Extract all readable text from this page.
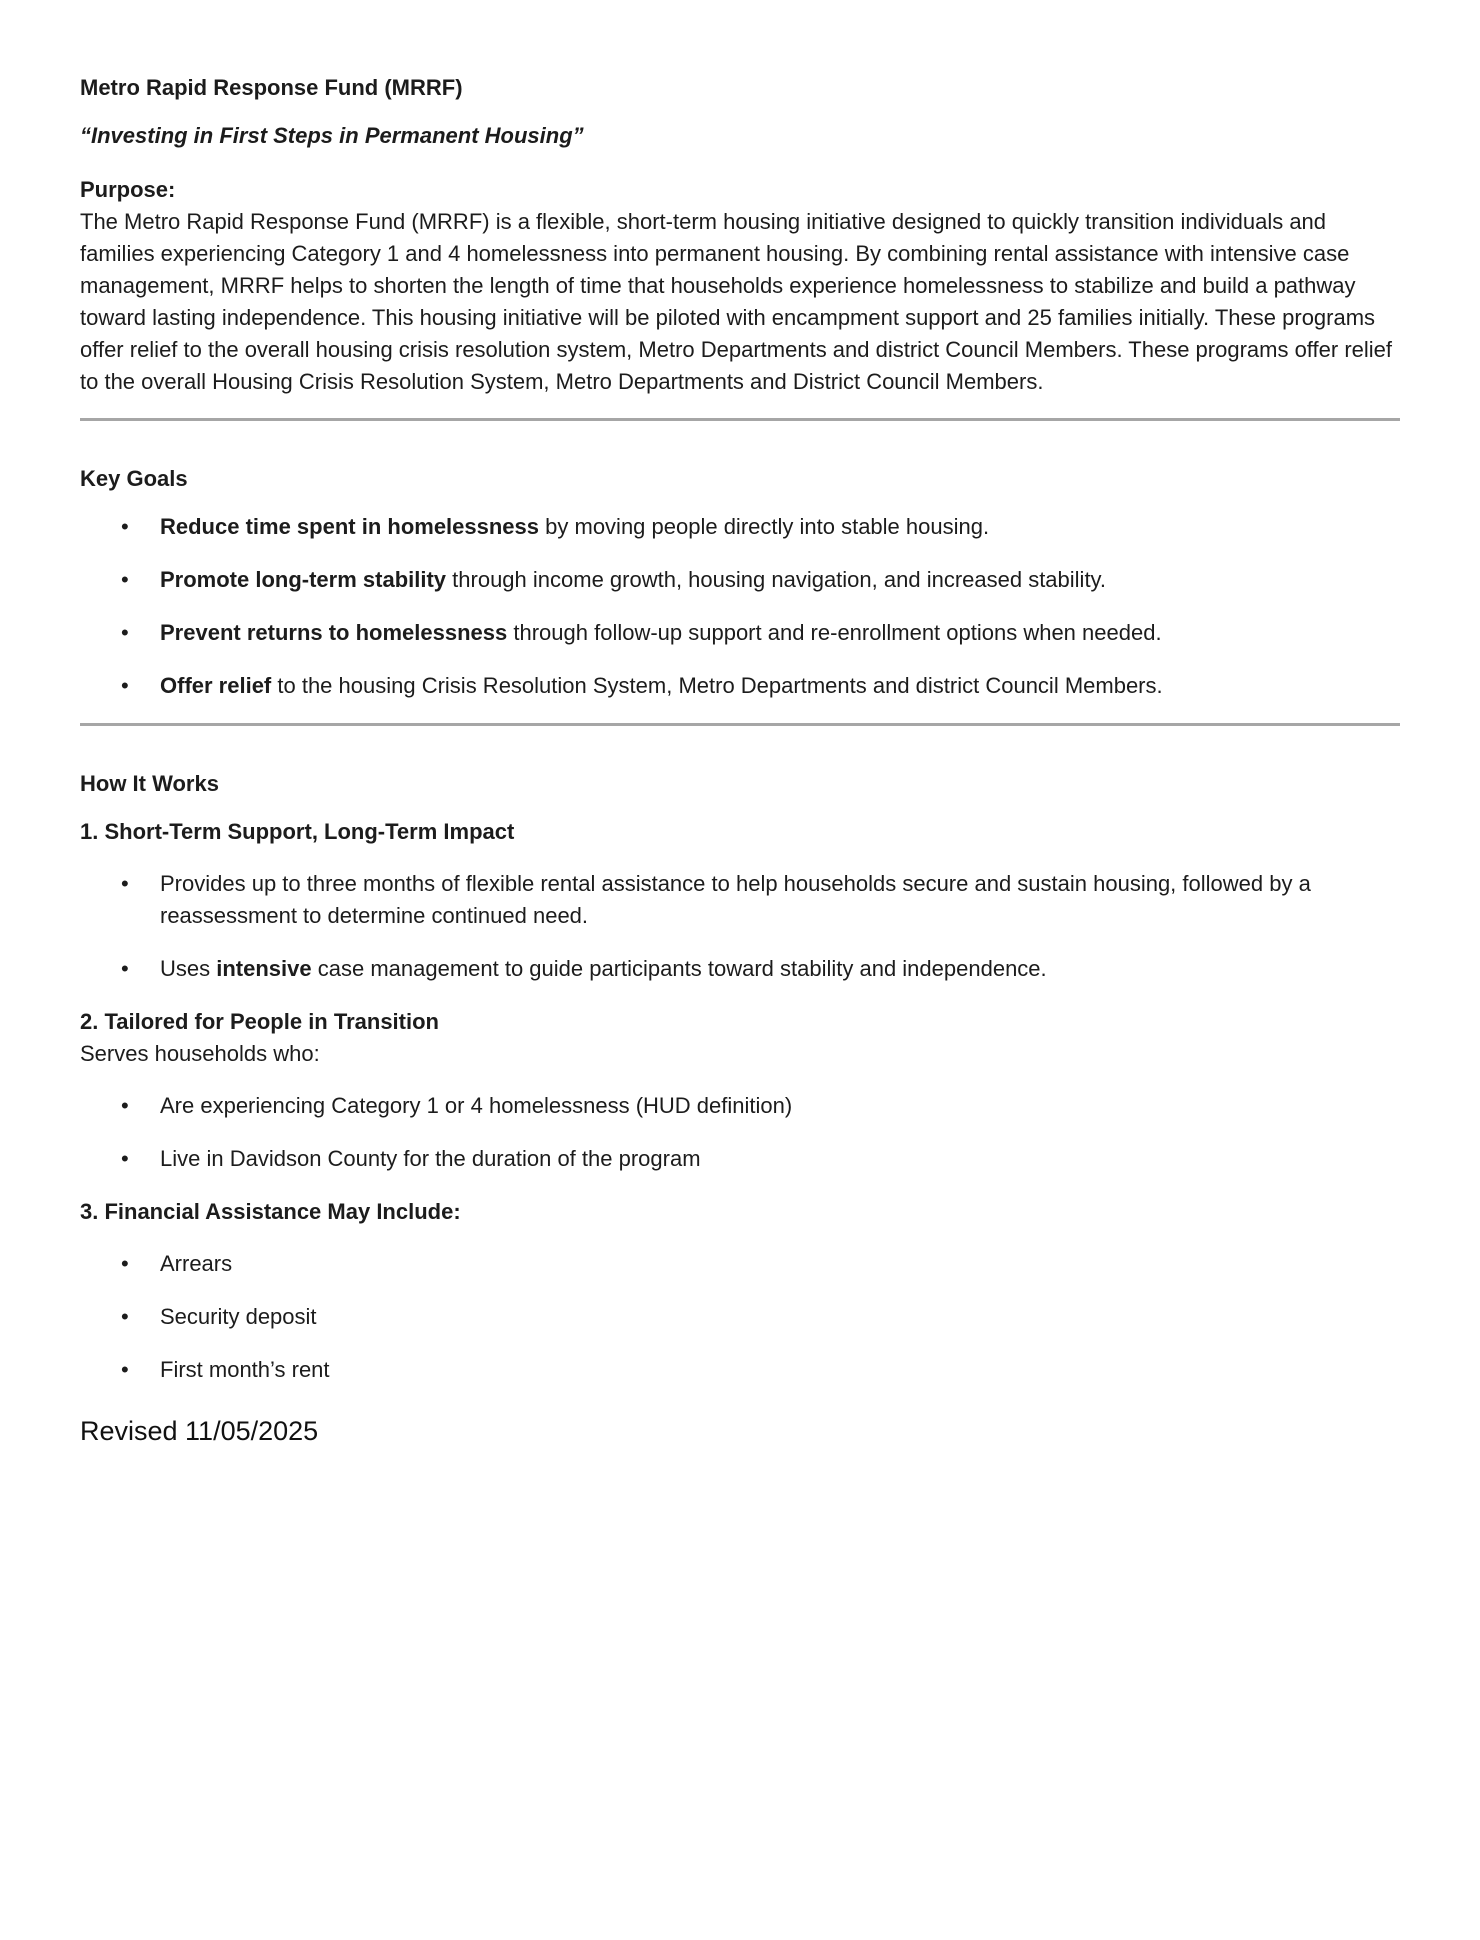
Metro Rapid Response Fund (MRRF)

“Investing in First Steps in Permanent Housing”

Purpose:
The Metro Rapid Response Fund (MRRF) is a flexible, short-term housing initiative designed to quickly transition individuals and families experiencing Category 1 and 4 homelessness into permanent housing. By combining rental assistance with intensive case management, MRRF helps to shorten the length of time that households experience homelessness to stabilize and build a pathway toward lasting independence. This housing initiative will be piloted with encampment support and 25 families initially. These programs offer relief to the overall housing crisis resolution system, Metro Departments and district Council Members. These programs offer relief to the overall Housing Crisis Resolution System, Metro Departments and District Council Members.

Key Goals
• Reduce time spent in homelessness by moving people directly into stable housing.
• Promote long-term stability through income growth, housing navigation, and increased stability.
• Prevent returns to homelessness through follow-up support and re-enrollment options when needed.
• Offer relief to the housing Crisis Resolution System, Metro Departments and district Council Members.
How It Works
1. Short-Term Support, Long-Term Impact
• Provides up to three months of flexible rental assistance to help households secure and sustain housing, followed by a reassessment to determine continued need.
• Uses intensive case management to guide participants toward stability and independence.
2. Tailored for People in Transition

Serves households who:

• Are experiencing Category 1 or 4 homelessness (HUD definition)
• Live in Davidson County for the duration of the program
3. Financial Assistance May Include:
• Arrears
• Security deposit
• First month’s rent

Revised 11/05/2025
